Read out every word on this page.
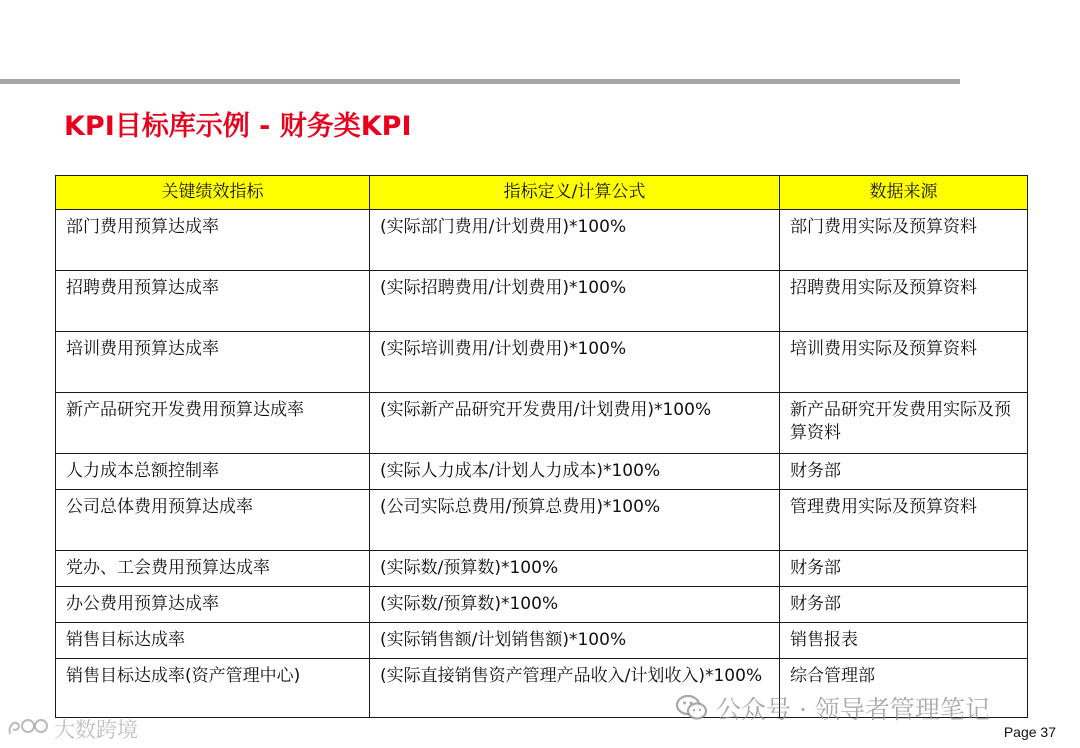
KPI目标库示例 - 财务类KPI
关键绩效指标	指标定义/计算公式	数据来源
部门费用预算达成率	(实际部门费用/计划费用)*100%	部门费用实际及预算资料
招聘费用预算达成率	(实际招聘费用/计划费用)*100%	招聘费用实际及预算资料
培训费用预算达成率	(实际培训费用/计划费用)*100%	培训费用实际及预算资料
新产品研究开发费用预算达成率	(实际新产品研究开发费用/计划费用)*100%	新产品研究开发费用实际及预算资料
人力成本总额控制率	(实际人力成本/计划人力成本)*100%	财务部
公司总体费用预算达成率	(公司实际总费用/预算总费用)*100%	管理费用实际及预算资料
党办、工会费用预算达成率	(实际数/预算数)*100%	财务部
办公费用预算达成率	(实际数/预算数)*100%	财务部
销售目标达成率	(实际销售额/计划销售额)*100%	销售报表
销售目标达成率(资产管理中心)	(实际直接销售资产管理产品收入/计划收入)*100%	综合管理部
公众号 · 领导者管理笔记
大数跨境	Page 37
